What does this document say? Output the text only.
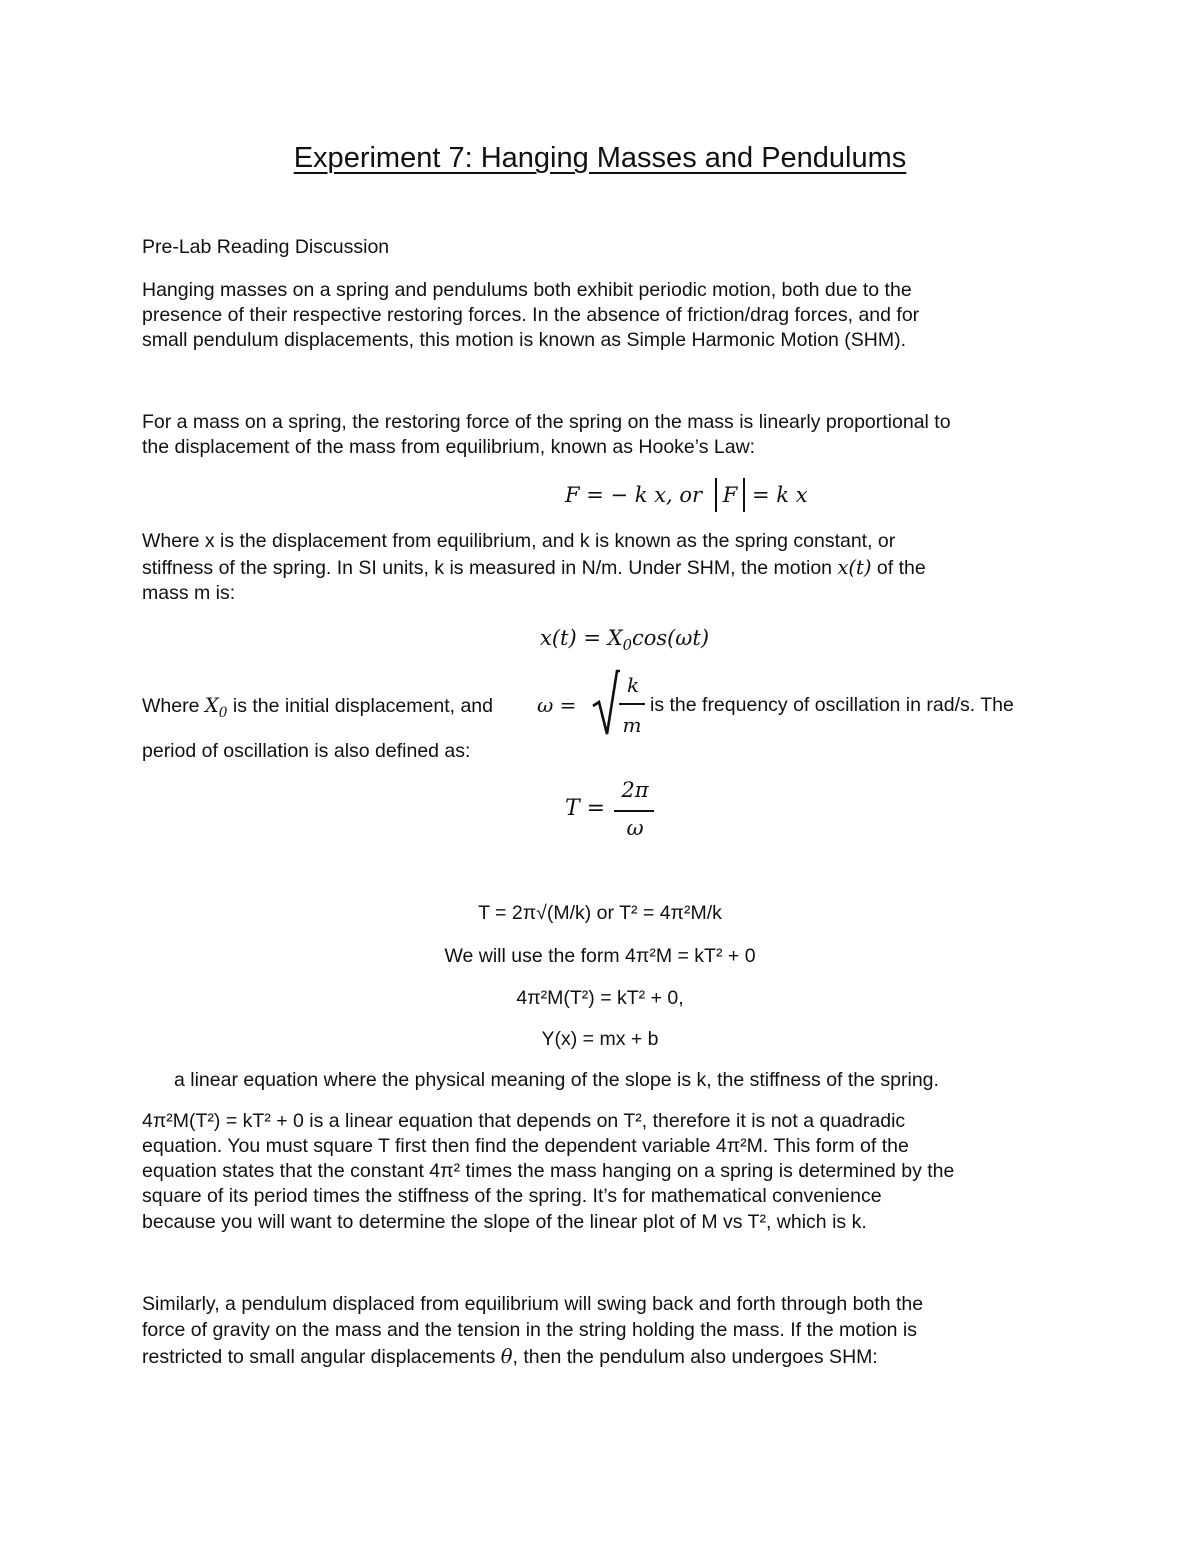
Experiment 7: Hanging Masses and Pendulums
Pre-Lab Reading Discussion
Hanging masses on a spring and pendulums both exhibit periodic motion, both due to the
presence of their respective restoring forces. In the absence of friction/drag forces, and for
small pendulum displacements, this motion is known as Simple Harmonic Motion (SHM).
For a mass on a spring, the restoring force of the spring on the mass is linearly proportional to
the displacement of the mass from equilibrium, known as Hooke’s Law:
F = − k x, or F = k x
Where x is the displacement from equilibrium, and k is known as the spring constant, or
stiffness of the spring. In SI units, k is measured in N/m. Under SHM, the motion x(t) of the
mass m is:
$x(t) = X_0\cos(\omega t)$
Where $X_0$ is the initial displacement, and ω =
k
m
is the frequency of oscillation in rad/s. The
period of oscillation is also defined as:
T =
2π
ω
T = 2π√(M/k) or T² = 4π²M/k
We will use the form 4π²M = kT² + 0
4π²M(T²) = kT² + 0,
Y(x) = mx + b
a linear equation where the physical meaning of the slope is k, the stiffness of the spring.
4π²M(T²) = kT² + 0 is a linear equation that depends on T², therefore it is not a quadradic
equation. You must square T first then find the dependent variable 4π²M. This form of the
equation states that the constant 4π² times the mass hanging on a spring is determined by the
square of its period times the stiffness of the spring. It’s for mathematical convenience
because you will want to determine the slope of the linear plot of M vs T², which is k.
Similarly, a pendulum displaced from equilibrium will swing back and forth through both the
force of gravity on the mass and the tension in the string holding the mass. If the motion is
restricted to small angular displacements θ, then the pendulum also undergoes SHM:
